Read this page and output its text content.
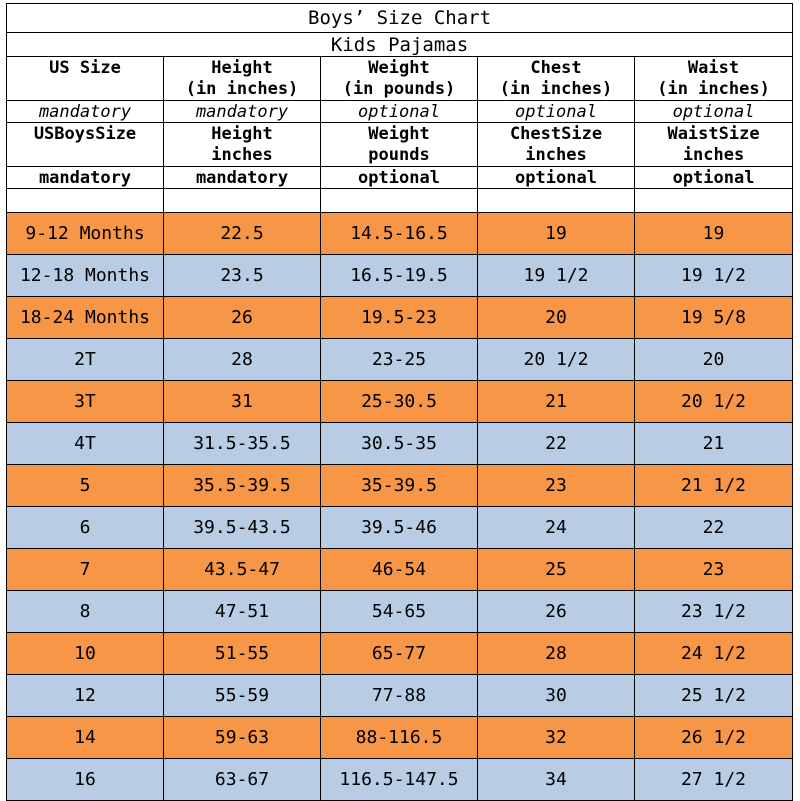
Boys’ Size Chart				
Kids Pajamas				
US Size	Height	Weight	Chest	Waist
	(in inches)	(in pounds)	(in inches)	(in inches)
mandatory	mandatory	optional	optional	optional
USBoysSize	Height	Weight	ChestSize	WaistSize
	inches	pounds	inches	inches
mandatory	mandatory	optional	optional	optional

9-12 Months	22.5	14.5-16.5	19	19
12-18 Months	23.5	16.5-19.5	19 1/2	19 1/2
18-24 Months	26	19.5-23	20	19 5/8
2T	28	23-25	20 1/2	20
3T	31	25-30.5	21	20 1/2
4T	31.5-35.5	30.5-35	22	21
5	35.5-39.5	35-39.5	23	21 1/2
6	39.5-43.5	39.5-46	24	22
7	43.5-47	46-54	25	23
8	47-51	54-65	26	23 1/2
10	51-55	65-77	28	24 1/2
12	55-59	77-88	30	25 1/2
14	59-63	88-116.5	32	26 1/2
16	63-67	116.5-147.5	34	27 1/2
